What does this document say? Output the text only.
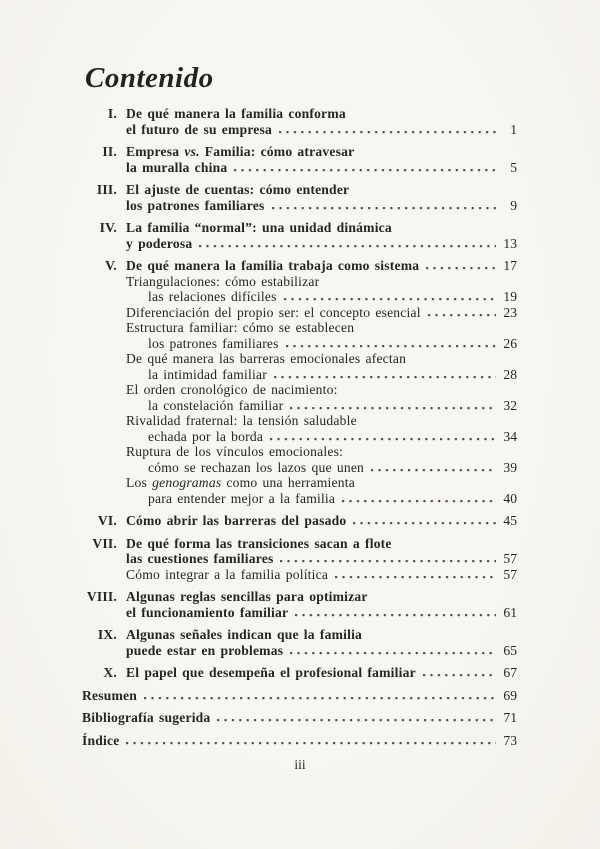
Contenido
I. De qué manera la familia conforma
el futuro de su empresa	1
II. Empresa vs. Familia: cómo atravesar
la muralla china	5
III. El ajuste de cuentas: cómo entender
los patrones familiares	9
IV. La familia “normal”: una unidad dinámica
y poderosa	13
V. De qué manera la familia trabaja como sistema	17
Triangulaciones: cómo estabilizar
las relaciones difíciles	19
Diferenciación del propio ser: el concepto esencial	23
Estructura familiar: cómo se establecen
los patrones familiares	26
De qué manera las barreras emocionales afectan
la intimidad familiar	28
El orden cronológico de nacimiento:
la constelación familiar	32
Rivalidad fraternal: la tensión saludable
echada por la borda	34
Ruptura de los vínculos emocionales:
cómo se rechazan los lazos que unen	39
Los genogramas como una herramienta
para entender mejor a la familia	40
VI. Cómo abrir las barreras del pasado	45
VII. De qué forma las transiciones sacan a flote
las cuestiones familiares	57
Cómo integrar a la familia política	57
VIII. Algunas reglas sencillas para optimizar
el funcionamiento familiar	61
IX. Algunas señales indican que la familia
puede estar en problemas	65
X. El papel que desempeña el profesional familiar	67
Resumen	69
Bibliografía sugerida	71
Índice	73
iii
